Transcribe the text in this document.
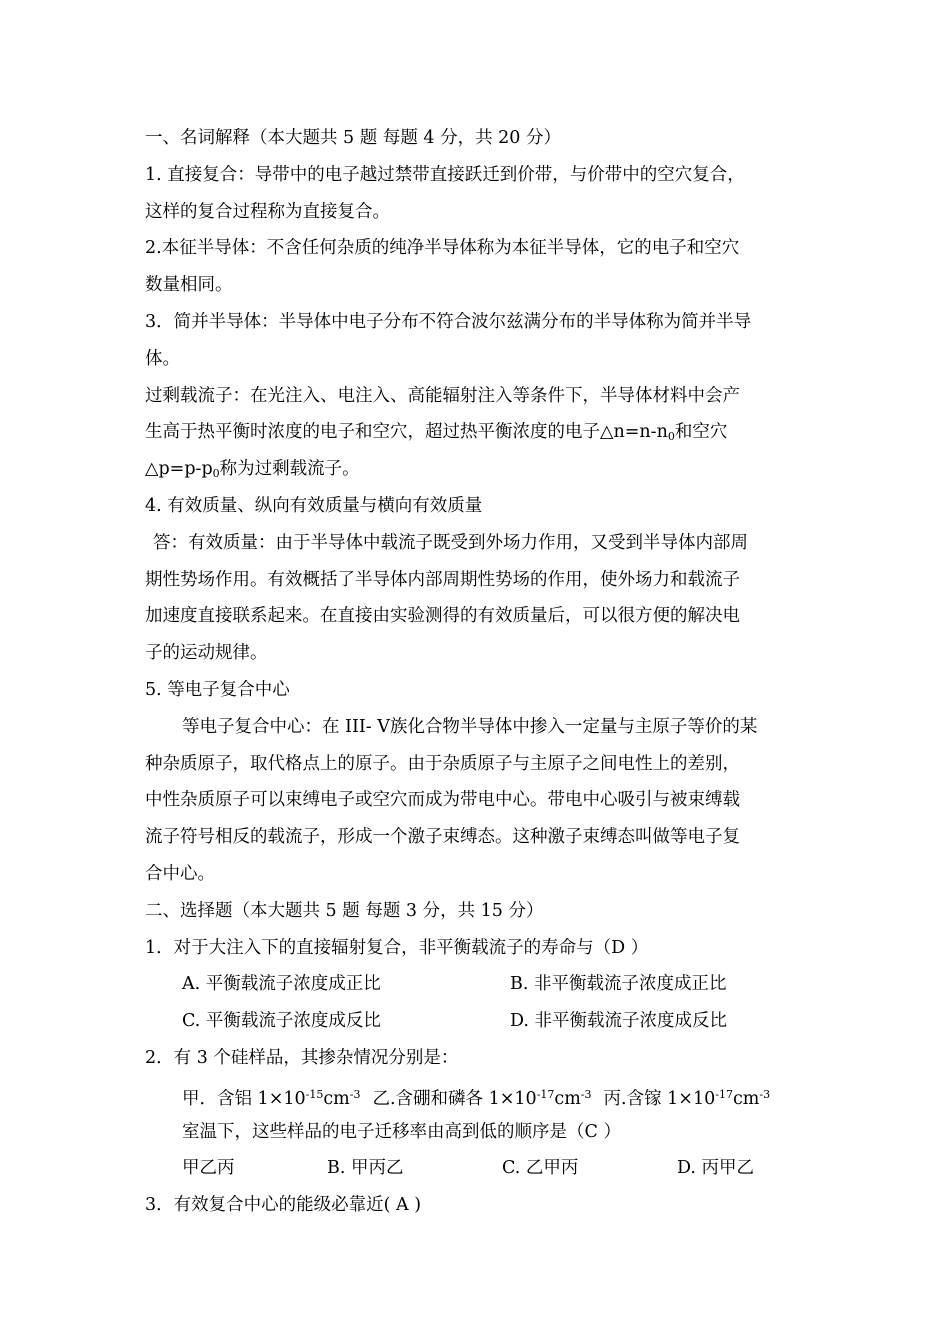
一、名词解释（本大题共 5 题 每题 4 分，共 20 分）
1. 直接复合：导带中的电子越过禁带直接跃迁到价带，与价带中的空穴复合，
这样的复合过程称为直接复合。
2.本征半导体：不含任何杂质的纯净半导体称为本征半导体，它的电子和空穴
数量相同。
3．简并半导体：半导体中电子分布不符合波尔兹满分布的半导体称为简并半导
体。
过剩载流子：在光注入、电注入、高能辐射注入等条件下，半导体材料中会产
生高于热平衡时浓度的电子和空穴，超过热平衡浓度的电子$\triangle n=n-n_0$和空穴
$\triangle p=p-p_0$称为过剩载流子。
4. 有效质量、纵向有效质量与横向有效质量
答：有效质量：由于半导体中载流子既受到外场力作用，又受到半导体内部周
期性势场作用。有效概括了半导体内部周期性势场的作用，使外场力和载流子
加速度直接联系起来。在直接由实验测得的有效质量后，可以很方便的解决电
子的运动规律。
5. 等电子复合中心
等电子复合中心：在 III- V族化合物半导体中掺入一定量与主原子等价的某
种杂质原子，取代格点上的原子。由于杂质原子与主原子之间电性上的差别，
中性杂质原子可以束缚电子或空穴而成为带电中心。带电中心吸引与被束缚载
流子符号相反的载流子，形成一个激子束缚态。这种激子束缚态叫做等电子复
合中心。
二、选择题（本大题共 5 题 每题 3 分，共 15 分）
1．对于大注入下的直接辐射复合，非平衡载流子的寿命与（D ）
A. 平衡载流子浓度成正比	B. 非平衡载流子浓度成正比
C. 平衡载流子浓度成反比	D. 非平衡载流子浓度成反比
2．有 3 个硅样品，其掺杂情况分别是：
甲．含铝 $1\times 10^{-15}cm^{-3}$ 乙.含硼和磷各 $1\times 10^{-17}cm^{-3}$ 丙.含镓 $1\times 10^{-17}cm^{-3}$
室温下，这些样品的电子迁移率由高到低的顺序是（C ）
甲乙丙	B. 甲丙乙	C. 乙甲丙	D. 丙甲乙
3．有效复合中心的能级必靠近( A )
